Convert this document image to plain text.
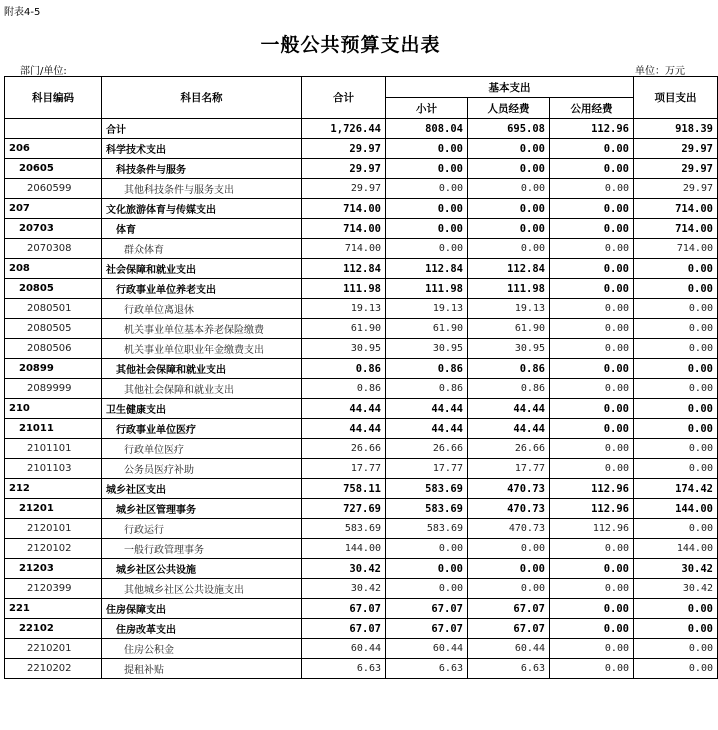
附表4-5
一般公共预算支出表
部门/单位:	单位：万元
科目编码	科目名称	合计	基本支出			项目支出
			小计	人员经费	公用经费	
	合计	1,726.44	808.04	695.08	112.96	918.39
206	科学技术支出	29.97	0.00	0.00	0.00	29.97
20605	科技条件与服务	29.97	0.00	0.00	0.00	29.97
2060599	其他科技条件与服务支出	29.97	0.00	0.00	0.00	29.97
207	文化旅游体育与传媒支出	714.00	0.00	0.00	0.00	714.00
20703	体育	714.00	0.00	0.00	0.00	714.00
2070308	群众体育	714.00	0.00	0.00	0.00	714.00
208	社会保障和就业支出	112.84	112.84	112.84	0.00	0.00
20805	行政事业单位养老支出	111.98	111.98	111.98	0.00	0.00
2080501	行政单位离退休	19.13	19.13	19.13	0.00	0.00
2080505	机关事业单位基本养老保险缴费	61.90	61.90	61.90	0.00	0.00
2080506	机关事业单位职业年金缴费支出	30.95	30.95	30.95	0.00	0.00
20899	其他社会保障和就业支出	0.86	0.86	0.86	0.00	0.00
2089999	其他社会保障和就业支出	0.86	0.86	0.86	0.00	0.00
210	卫生健康支出	44.44	44.44	44.44	0.00	0.00
21011	行政事业单位医疗	44.44	44.44	44.44	0.00	0.00
2101101	行政单位医疗	26.66	26.66	26.66	0.00	0.00
2101103	公务员医疗补助	17.77	17.77	17.77	0.00	0.00
212	城乡社区支出	758.11	583.69	470.73	112.96	174.42
21201	城乡社区管理事务	727.69	583.69	470.73	112.96	144.00
2120101	行政运行	583.69	583.69	470.73	112.96	0.00
2120102	一般行政管理事务	144.00	0.00	0.00	0.00	144.00
21203	城乡社区公共设施	30.42	0.00	0.00	0.00	30.42
2120399	其他城乡社区公共设施支出	30.42	0.00	0.00	0.00	30.42
221	住房保障支出	67.07	67.07	67.07	0.00	0.00
22102	住房改革支出	67.07	67.07	67.07	0.00	0.00
2210201	住房公积金	60.44	60.44	60.44	0.00	0.00
2210202	提租补贴	6.63	6.63	6.63	0.00	0.00
